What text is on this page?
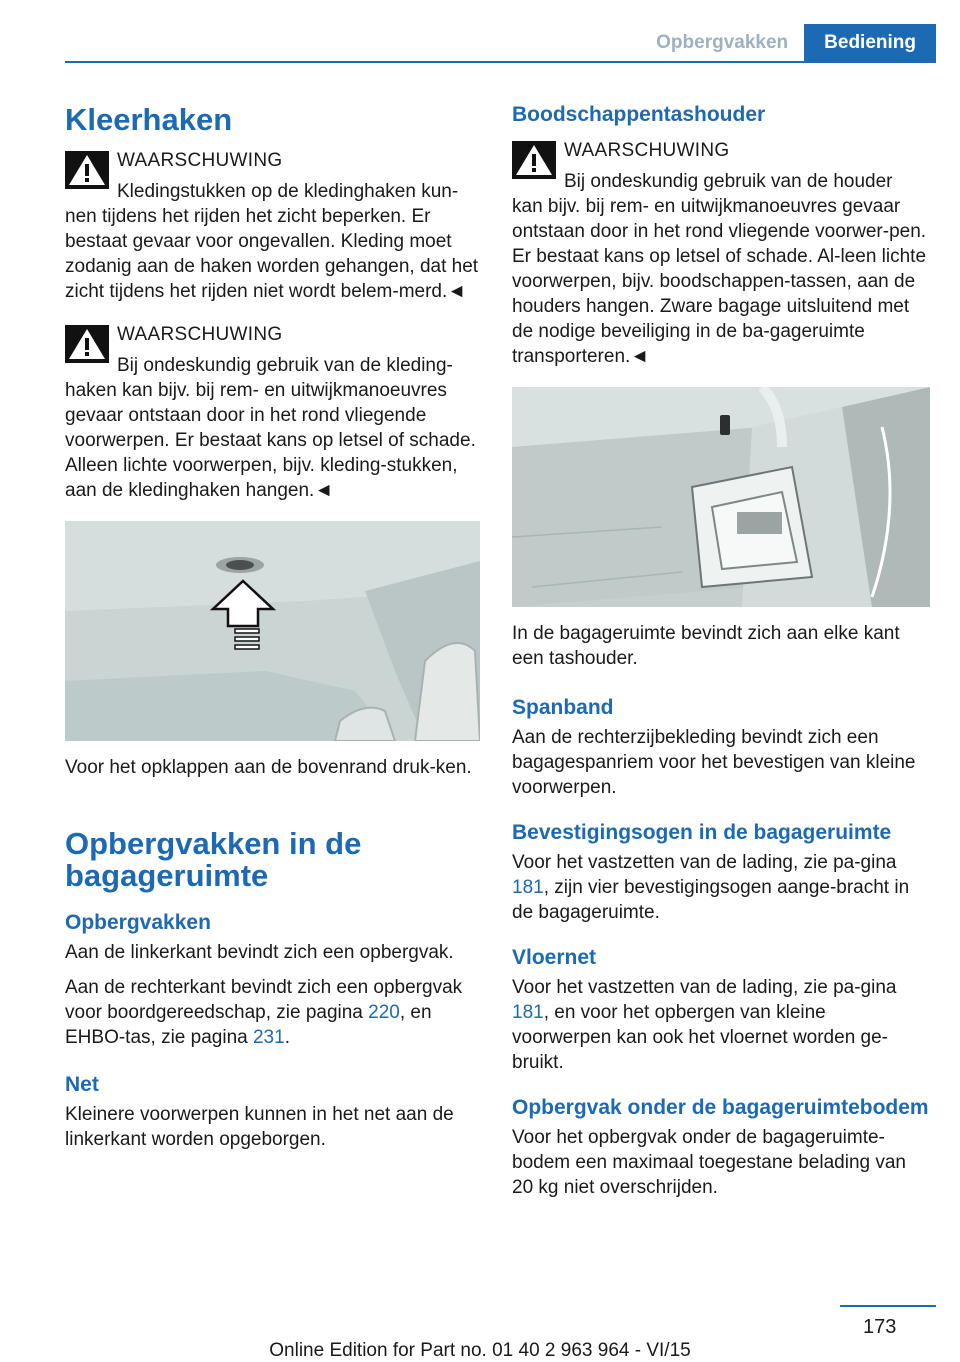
Opbergvakken	Bediening
Kleerhaken
WAARSCHUWING

Kledingstukken op de kledinghaken kun-
nen tijdens het rijden het zicht beperken. Er bestaat gevaar voor ongevallen. Kleding moet zodanig aan de haken worden gehangen, dat het zicht tijdens het rijden niet wordt belem-merd.◄

WAARSCHUWING

Bij ondeskundig gebruik van de kleding-
haken kan bijv. bij rem- en uitwijkmanoeuvres gevaar ontstaan door in het rond vliegende voorwerpen. Er bestaat kans op letsel of schade. Alleen lichte voorwerpen, bijv. kleding-stukken, aan de kledinghaken hangen.◄

Voor het opklappen aan de bovenrand druk-ken.

Opbergvakken in de bagageruimte
Opbergvakken

Aan de linkerkant bevindt zich een opbergvak.

Aan de rechterkant bevindt zich een opbergvak voor boordgereedschap, zie pagina 220, en EHBO-tas, zie pagina 231.

Net

Kleinere voorwerpen kunnen in het net aan de linkerkant worden opgeborgen.

Boodschappentashouder
WAARSCHUWING

Bij ondeskundig gebruik van de houder
kan bijv. bij rem- en uitwijkmanoeuvres gevaar ontstaan door in het rond vliegende voorwer-pen. Er bestaat kans op letsel of schade. Al-leen lichte voorwerpen, bijv. boodschappen-tassen, aan de houders hangen. Zware bagage uitsluitend met de nodige beveiliging in de ba-gageruimte transporteren.◄

In de bagageruimte bevindt zich aan elke kant een tashouder.

Spanband

Aan de rechterzijbekleding bevindt zich een bagagespanriem voor het bevestigen van kleine voorwerpen.

Bevestigingsogen in de bagageruimte

Voor het vastzetten van de lading, zie pa-gina 181, zijn vier bevestigingsogen aange-bracht in de bagageruimte.

Vloernet

Voor het vastzetten van de lading, zie pa-gina 181, en voor het opbergen van kleine voorwerpen kan ook het vloernet worden ge-bruikt.

Opbergvak onder de bagageruimtebodem

Voor het opbergvak onder de bagageruimte-bodem een maximaal toegestane belading van 20 kg niet overschrijden.

173
Online Edition for Part no. 01 40 2 963 964 - VI/15
